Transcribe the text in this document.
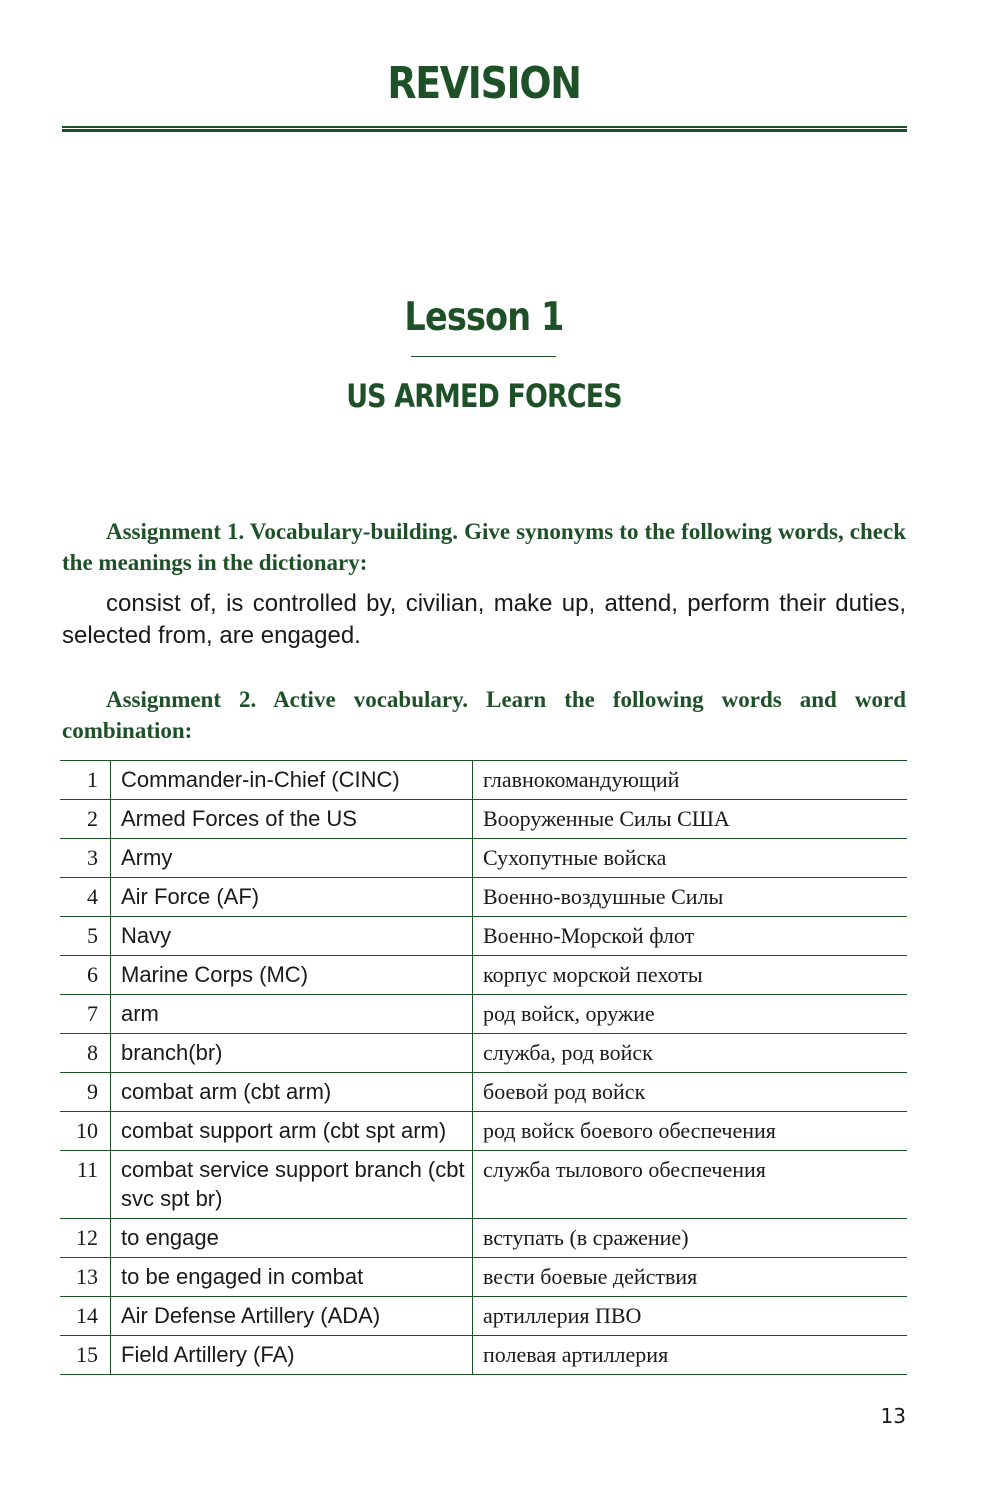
REVISION
Lesson 1
US ARMED FORCES
Assignment 1. Vocabulary-building. Give synonyms to the following words, check the meanings in the dictionary:
consist of, is controlled by, civilian, make up, attend, perform their duties, selected from, are engaged.
Assignment 2. Active vocabulary. Learn the following words and word combination:
1	Commander-in-Chief (CINC)	главнокомандующий
2	Armed Forces of the US	Вооруженные Силы США
3	Army	Сухопутные войска
4	Air Force (AF)	Военно-воздушные Силы
5	Navy	Военно-Морской флот
6	Marine Corps (MC)	корпус морской пехоты
7	arm	род войск, оружие
8	branch(br)	служба, род войск
9	combat arm (cbt arm)	боевой род войск
10	combat support arm (cbt spt arm)	род войск боевого обеспечения
11	combat service support branch (cbt svc spt br)	служба тылового обеспечения
12	to engage	вступать (в сражение)
13	to be engaged in combat	вести боевые действия
14	Air Defense Artillery (ADA)	артиллерия ПВО
15	Field Artillery (FA)	полевая артиллерия
13
